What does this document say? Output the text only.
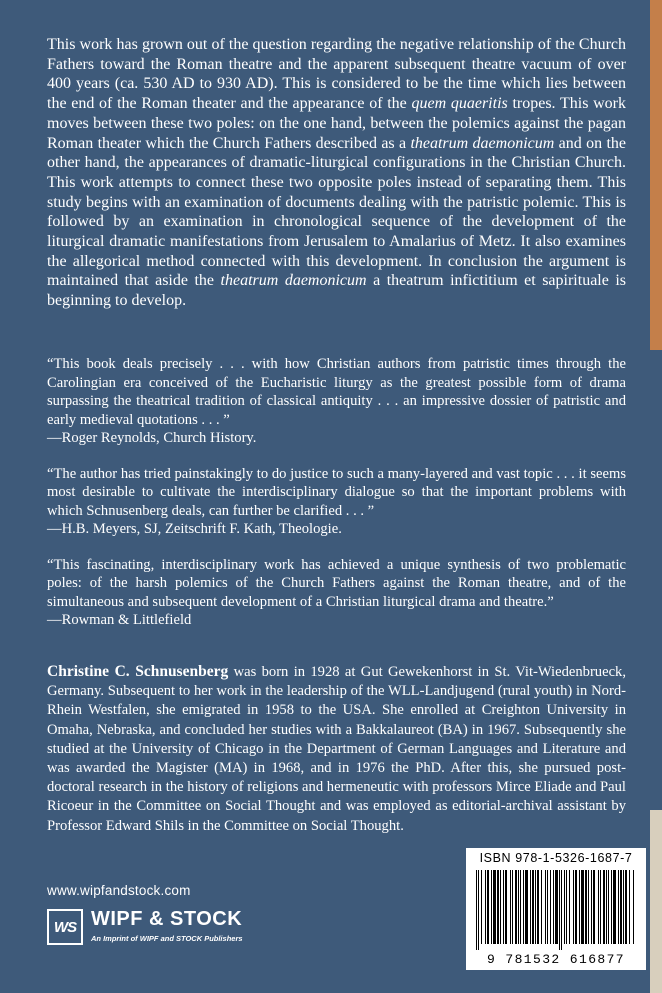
This work has grown out of the question regarding the negative relationship of the Church Fathers toward the Roman theatre and the apparent subsequent theatre vacuum of over 400 years (ca. 530 AD to 930 AD). This is considered to be the time which lies between the end of the Roman theater and the appearance of the quem quaeritis tropes. This work moves between these two poles: on the one hand, between the polemics against the pagan Roman theater which the Church Fathers described as a theatrum daemonicum and on the other hand, the appearances of dramatic-liturgical configurations in the Christian Church. This work attempts to connect these two opposite poles instead of separating them. This study begins with an examination of documents dealing with the patristic polemic. This is followed by an examination in chronological sequence of the development of the liturgical dramatic manifestations from Jerusalem to Amalarius of Metz. It also examines the allegorical method connected with this development. In conclusion the argument is maintained that aside the theatrum daemonicum a theatrum infictitium et sapirituale is beginning to develop.

“This book deals precisely . . . with how Christian authors from patristic times through the Carolingian era conceived of the Eucharistic liturgy as the greatest possible form of drama surpassing the theatrical tradition of classical antiquity . . . an impressive dossier of patristic and early medieval quotations . . . ”

—Roger Reynolds, Church History.

“The author has tried painstakingly to do justice to such a many-layered and vast topic . . . it seems most desirable to cultivate the interdisciplinary dialogue so that the important problems with which Schnusenberg deals, can further be clarified . . . ”

—H.B. Meyers, SJ, Zeitschrift F. Kath, Theologie.

“This fascinating, interdisciplinary work has achieved a unique synthesis of two problematic poles: of the harsh polemics of the Church Fathers against the Roman theatre, and of the simultaneous and subsequent development of a Christian liturgical drama and theatre.”

—Rowman & Littlefield
Christine C. Schnusenberg was born in 1928 at Gut Gewekenhorst in St. Vit-Wiedenbrueck, Germany. Subsequent to her work in the leadership of the WLL-Landjugend (rural youth) in Nord-Rhein Westfalen, she emigrated in 1958 to the USA. She enrolled at Creighton University in Omaha, Nebraska, and concluded her studies with a Bakkalaureot (BA) in 1967. Subsequently she studied at the University of Chicago in the Department of German Languages and Literature and was awarded the Magister (MA) in 1968, and in 1976 the PhD. After this, she pursued post-doctoral research in the history of religions and hermeneutic with professors Mirce Eliade and Paul Ricoeur in the Committee on Social Thought and was employed as editorial-archival assistant by Professor Edward Shils in the Committee on Social Thought.
www.wipfandstock.com
WS WIPF & STOCK
An Imprint of WIPF and STOCK Publishers
ISBN 978-1-5326-1687-7
9 781532 616877
